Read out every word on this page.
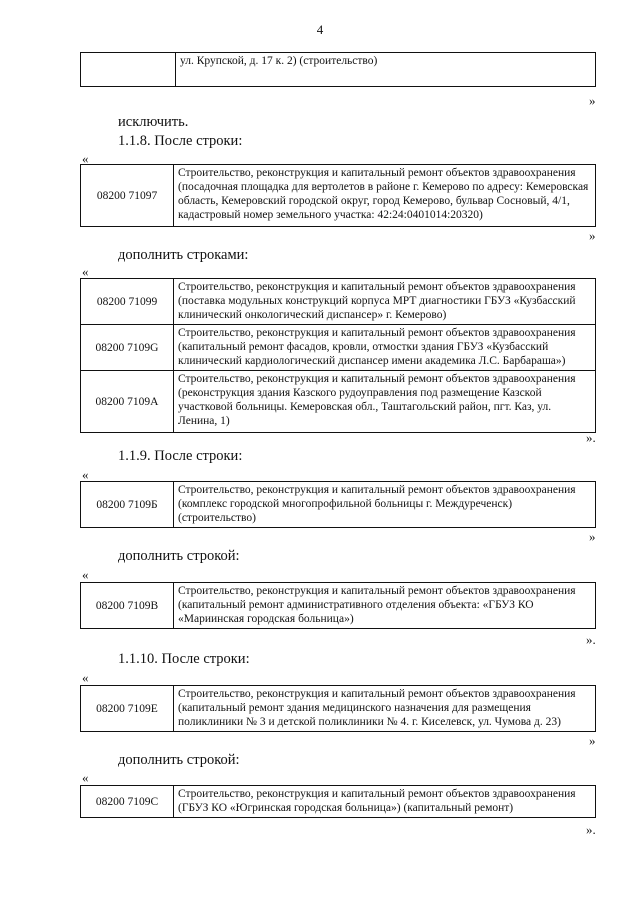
4
	ул. Крупской, д. 17 к. 2) (строительство)
»
исключить.
1.1.8. После строки:
«
08200 71097	Строительство, реконструкция и капитальный ремонт объектов здравоохранения (посадочная площадка для вертолетов в районе г. Кемерово по адресу: Кемеровская область, Кемеровский городской округ, город Кемерово, бульвар Сосновый, 4/1, кадастровый номер земельного участка: 42:24:0401014:20320)
»
дополнить строками:
«
08200 71099	Строительство, реконструкция и капитальный ремонт объектов здравоохранения (поставка модульных конструкций корпуса МРТ диагностики ГБУЗ «Кузбасский клинический онкологический диспансер» г. Кемерово)
08200 7109G	Строительство, реконструкция и капитальный ремонт объектов здравоохранения (капитальный ремонт фасадов, кровли, отмостки здания ГБУЗ «Кузбасский клинический кардиологический диспансер имени академика Л.С. Барбараша»)
08200 7109A	Строительство, реконструкция и капитальный ремонт объектов здравоохранения (реконструкция здания Казского рудоуправления под размещение Казской участковой больницы. Кемеровская обл., Таштагольский район, пгт. Каз, ул. Ленина, 1)
».
1.1.9. После строки:
«
08200 7109Б	Строительство, реконструкция и капитальный ремонт объектов здравоохранения (комплекс городской многопрофильной больницы г. Междуреченск) (строительство)
»
дополнить строкой:
«
08200 7109В	Строительство, реконструкция и капитальный ремонт объектов здравоохранения (капитальный ремонт административного отделения объекта: «ГБУЗ КО «Мариинская городская больница»)
».
1.1.10. После строки:
«
08200 7109Е	Строительство, реконструкция и капитальный ремонт объектов здравоохранения (капитальный ремонт здания медицинского назначения для размещения поликлиники № 3 и детской поликлиники № 4. г. Киселевск, ул. Чумова д. 23)
»
дополнить строкой:
«
08200 7109С	Строительство, реконструкция и капитальный ремонт объектов здравоохранения (ГБУЗ КО «Югринская городская больница») (капитальный ремонт)
».
